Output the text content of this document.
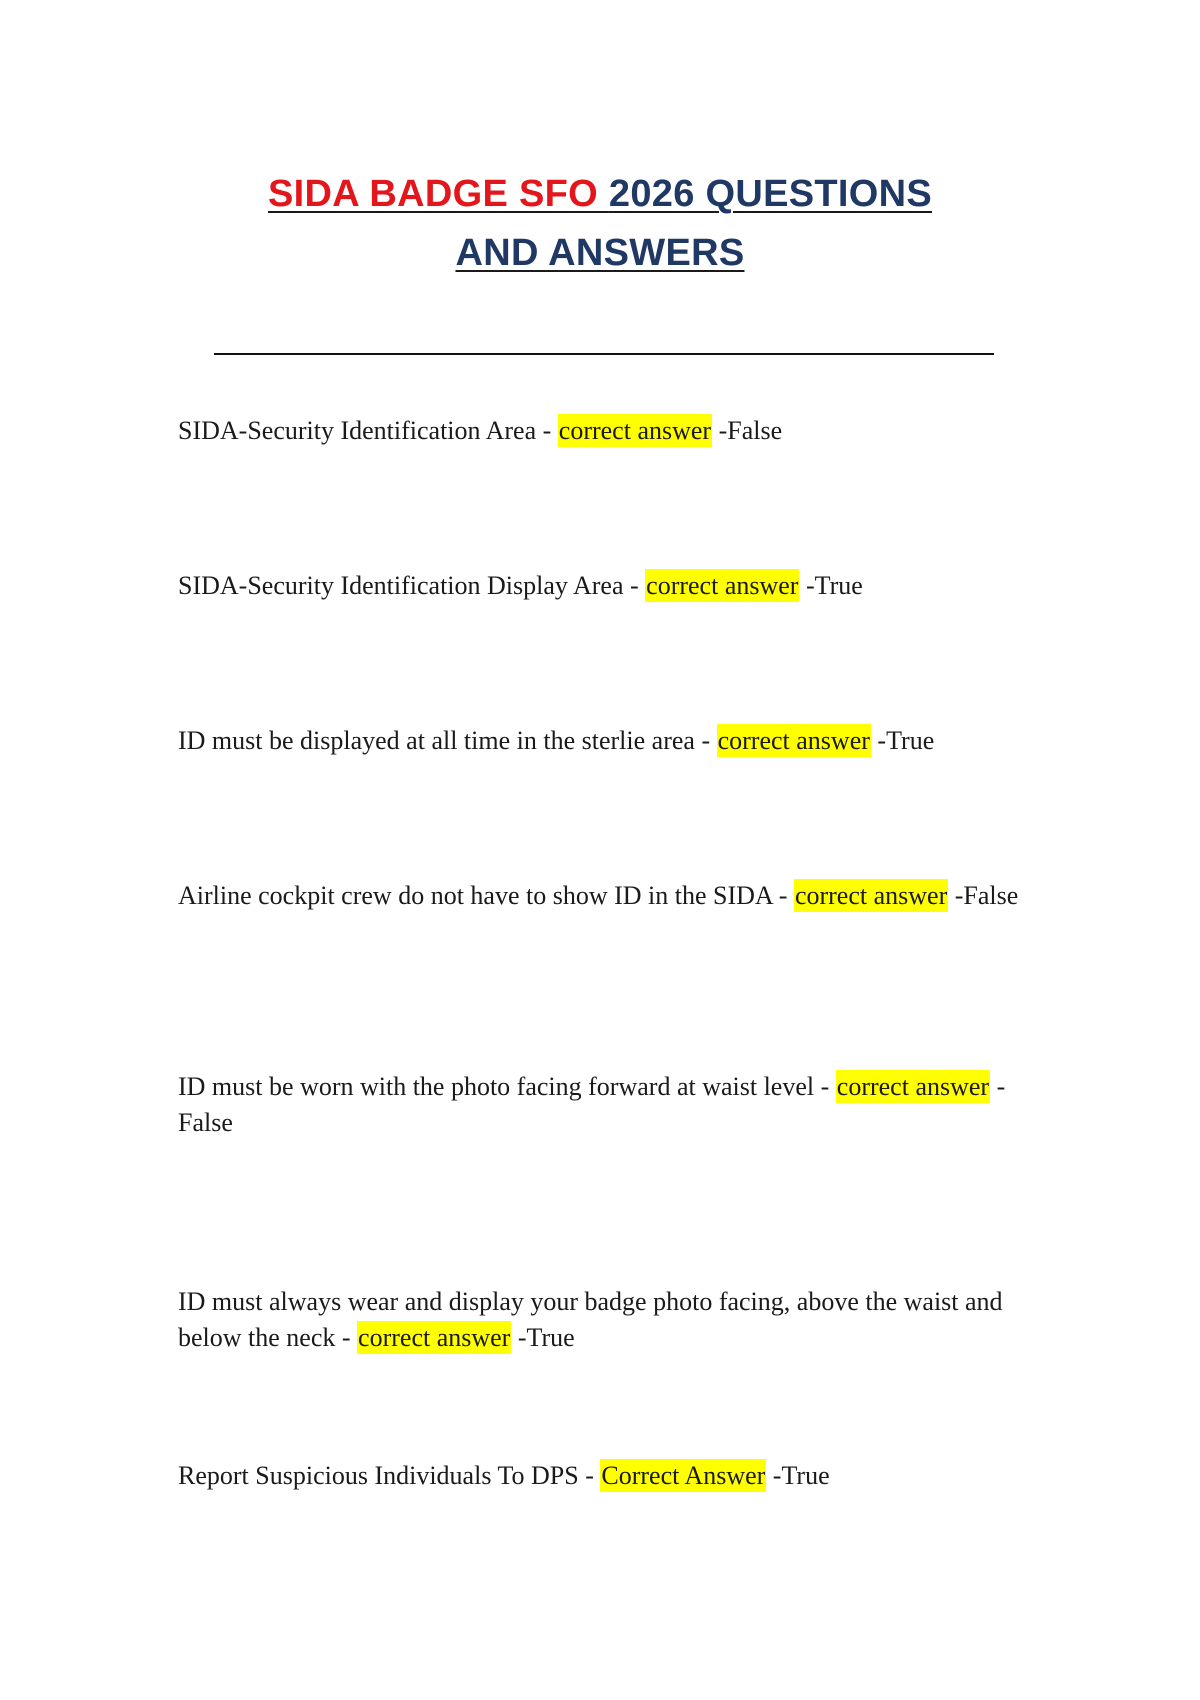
SIDA BADGE SFO 2026 QUESTIONS
AND ANSWERS
SIDA-Security Identification Area - correct answer -False
SIDA-Security Identification Display Area - correct answer -True
ID must be displayed at all time in the sterlie area - correct answer -True
Airline cockpit crew do not have to show ID in the SIDA - correct answer -False
ID must be worn with the photo facing forward at waist level - correct answer -False
ID must always wear and display your badge photo facing, above the waist and below the neck - correct answer -True
Report Suspicious Individuals To DPS - Correct Answer -True
